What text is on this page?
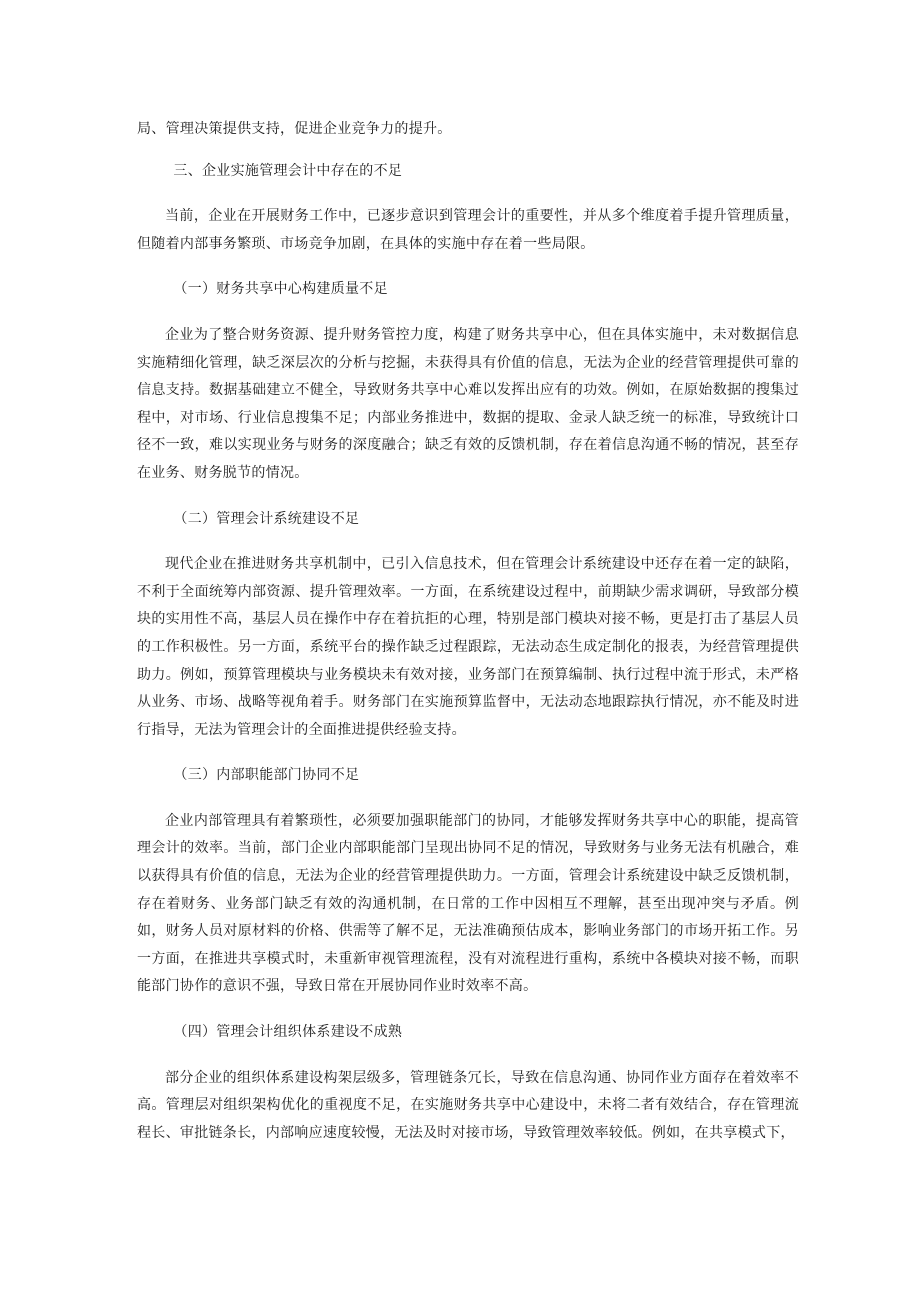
局、管理决策提供支持，促进企业竞争力的提升。

三、企业实施管理会计中存在的不足

当前，企业在开展财务工作中，已逐步意识到管理会计的重要性，并从多个维度着手提升管理质量，但随着内部事务繁琐、市场竞争加剧，在具体的实施中存在着一些局限。

（一）财务共享中心构建质量不足

企业为了整合财务资源、提升财务管控力度，构建了财务共享中心，但在具体实施中，未对数据信息实施精细化管理，缺乏深层次的分析与挖掘，未获得具有价值的信息，无法为企业的经营管理提供可靠的信息支持。数据基础建立不健全，导致财务共享中心难以发挥出应有的功效。例如，在原始数据的搜集过程中，对市场、行业信息搜集不足；内部业务推进中，数据的提取、金录人缺乏统一的标准，导致统计口径不一致，难以实现业务与财务的深度融合；缺乏有效的反馈机制，存在着信息沟通不畅的情况，甚至存在业务、财务脱节的情况。

（二）管理会计系统建设不足

现代企业在推进财务共享机制中，已引入信息技术，但在管理会计系统建设中还存在着一定的缺陷，不利于全面统筹内部资源、提升管理效率。一方面，在系统建设过程中，前期缺少需求调研，导致部分模块的实用性不高，基层人员在操作中存在着抗拒的心理，特别是部门模块对接不畅，更是打击了基层人员的工作积极性。另一方面，系统平台的操作缺乏过程跟踪，无法动态生成定制化的报表，为经营管理提供助力。例如，预算管理模块与业务模块未有效对接，业务部门在预算编制、执行过程中流于形式，未严格从业务、市场、战略等视角着手。财务部门在实施预算监督中，无法动态地跟踪执行情况，亦不能及时进行指导，无法为管理会计的全面推进提供经验支持。

（三）内部职能部门协同不足

企业内部管理具有着繁琐性，必须要加强职能部门的协同，才能够发挥财务共享中心的职能，提高管理会计的效率。当前，部门企业内部职能部门呈现出协同不足的情况，导致财务与业务无法有机融合，难以获得具有价值的信息，无法为企业的经营管理提供助力。一方面，管理会计系统建设中缺乏反馈机制，存在着财务、业务部门缺乏有效的沟通机制，在日常的工作中因相互不理解，甚至出现冲突与矛盾。例如，财务人员对原材料的价格、供需等了解不足，无法准确预估成本，影响业务部门的市场开拓工作。另一方面，在推进共享模式时，未重新审视管理流程，没有对流程进行重构，系统中各模块对接不畅，而职能部门协作的意识不强，导致日常在开展协同作业时效率不高。

（四）管理会计组织体系建设不成熟

部分企业的组织体系建设构架层级多，管理链条冗长，导致在信息沟通、协同作业方面存在着效率不高。管理层对组织架构优化的重视度不足，在实施财务共享中心建设中，未将二者有效结合，存在管理流程长、审批链条长，内部响应速度较慢，无法及时对接市场，导致管理效率较低。例如，在共享模式下，
